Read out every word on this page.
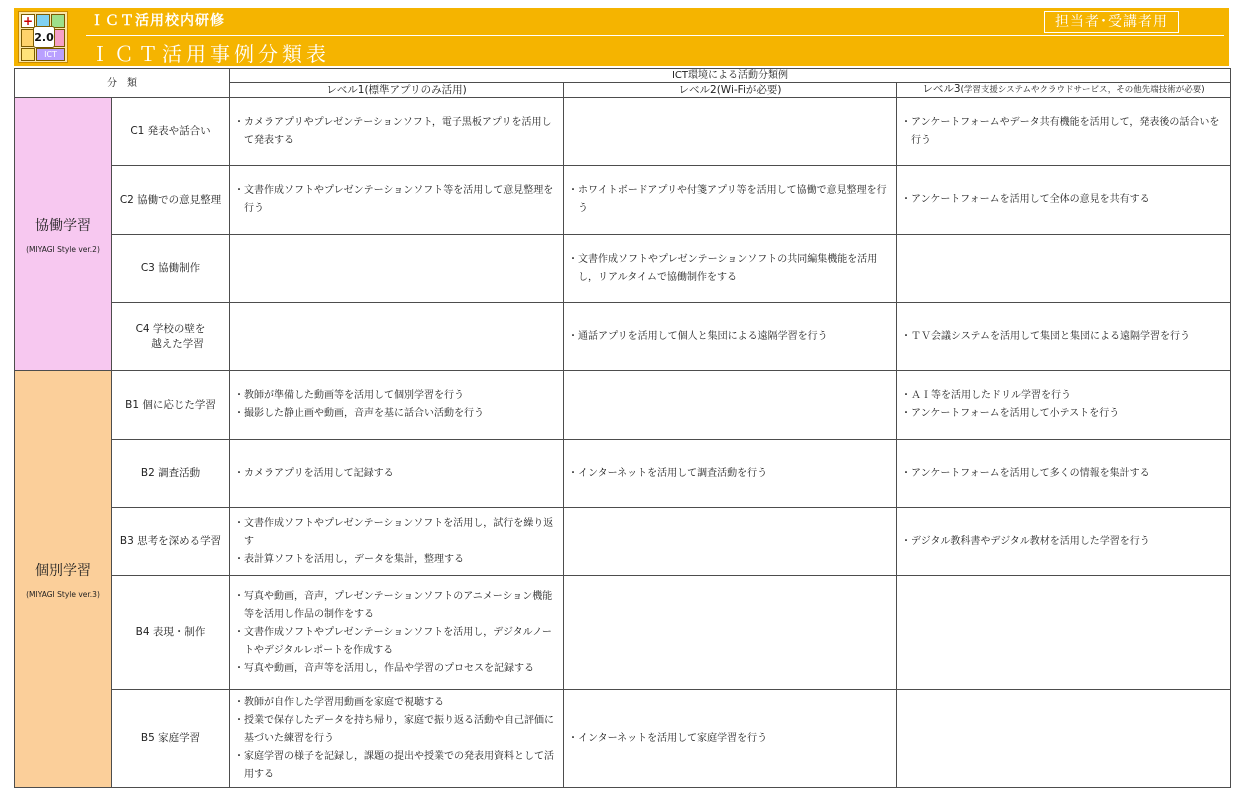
+
ICT
2.0
ＩＣＴ活用校内研修
ＩＣＴ活用事例分類表
担当者･受講者用
分　類		ICT環境による活動分類例		
		レベル1(標準アプリのみ活用)	レベル2(Wi-Fiが必要)	レベル3(学習支援システムやクラウドサービス，その他先端技術が必要)

協働学習
(MIYAGI Style ver.2)	C1 発表や話合い	・ カメラアプリやプレゼンテーションソフト，電子黒板アプリを活用して発表する		・ アンケートフォームやデータ共有機能を活用して，発表後の話合いを行う

	C2 協働での意見整理	・ 文書作成ソフトやプレゼンテーションソフト等を活用して意見整理を行う	・ ホワイトボードアプリや付箋アプリ等を活用して協働で意見整理を行う	・ アンケートフォームを活用して全体の意見を共有する

	C3 協働制作		・ 文書作成ソフトやプレゼンテーションソフトの共同編集機能を活用し，リアルタイムで協働制作をする

	C4 学校の壁を
越えた学習		・ 通話アプリを活用して個人と集団による遠隔学習を行う	・ ＴＶ会議システムを活用して集団と集団による遠隔学習を行う

個別学習
(MIYAGI Style ver.3)	B1 個に応じた学習	・ 教師が準備した動画等を活用して個別学習を行う
・ 撮影した静止画や動画，音声を基に話合い活動を行う		・ ＡＩ等を活用したドリル学習を行う
・ アンケートフォームを活用して小テストを行う

	B2 調査活動	・ カメラアプリを活用して記録する	・ インターネットを活用して調査活動を行う	・ アンケートフォームを活用して多くの情報を集計する

	B3 思考を深める学習	・ 文書作成ソフトやプレゼンテーションソフトを活用し，試行を繰り返す
・ 表計算ソフトを活用し，データを集計，整理する		・ デジタル教科書やデジタル教材を活用した学習を行う

	B4 表現・制作	・ 写真や動画，音声，プレゼンテーションソフトのアニメーション機能等を活用し作品の制作をする
・ 文書作成ソフトやプレゼンテーションソフトを活用し，デジタルノートやデジタルレポートを作成する
・ 写真や動画，音声等を活用し，作品や学習のプロセスを記録する

	B5 家庭学習	・ 教師が自作した学習用動画を家庭で視聴する
・ 授業で保存したデータを持ち帰り，家庭で振り返る活動や自己評価に基づいた練習を行う
・ 家庭学習の様子を記録し，課題の提出や授業での発表用資料として活用する	・ インターネットを活用して家庭学習を行う
